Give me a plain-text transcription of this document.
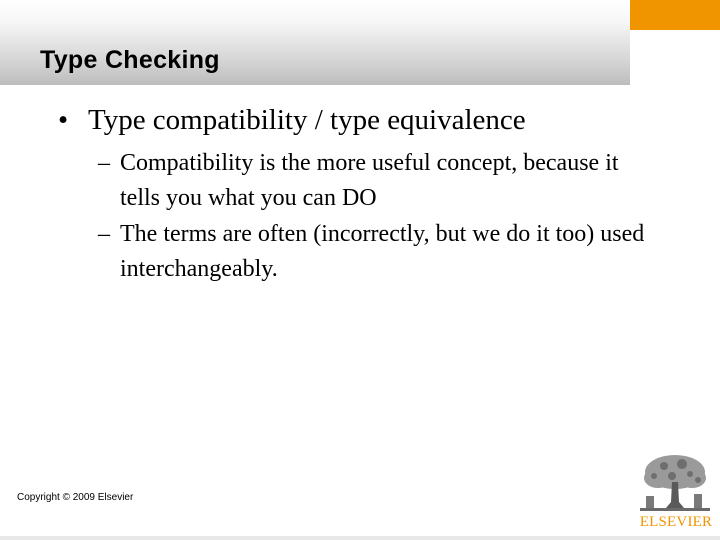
Type Checking
• Type compatibility / type equivalence
– Compatibility is the more useful concept, because it tells you what you can DO
– The terms are often (incorrectly, but we do it too) used interchangeably.
Copyright © 2009 Elsevier
ELSEVIER
